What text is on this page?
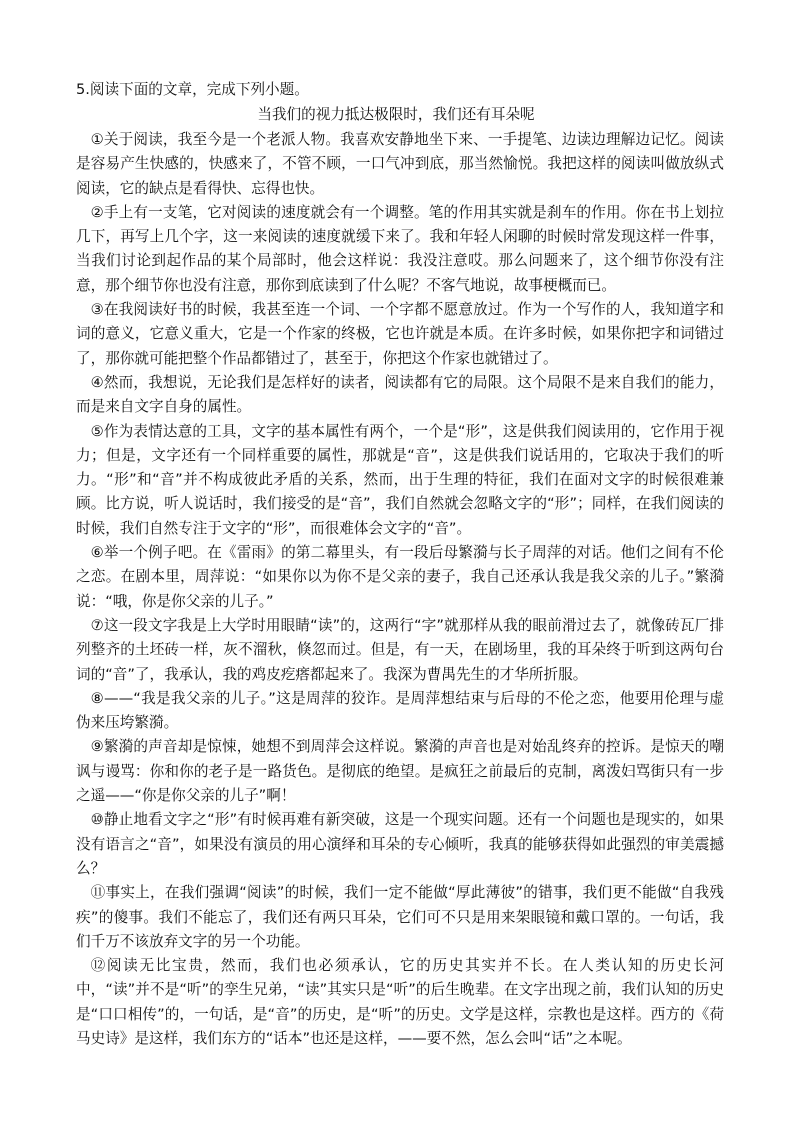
5.阅读下面的文章，完成下列小题。
当我们的视力抵达极限时，我们还有耳朵呢

①关于阅读，我至今是一个老派人物。我喜欢安静地坐下来、一手提笔、边读边理解边记忆。阅读是容易产生快感的，快感来了，不管不顾，一口气冲到底，那当然愉悦。我把这样的阅读叫做放纵式阅读，它的缺点是看得快、忘得也快。

②手上有一支笔，它对阅读的速度就会有一个调整。笔的作用其实就是刹车的作用。你在书上划拉几下，再写上几个字，这一来阅读的速度就缓下来了。我和年轻人闲聊的时候时常发现这样一件事，当我们讨论到起作品的某个局部时，他会这样说：我没注意哎。那么问题来了，这个细节你没有注意，那个细节你也没有注意，那你到底读到了什么呢？不客气地说，故事梗概而已。

③在我阅读好书的时候，我甚至连一个词、一个字都不愿意放过。作为一个写作的人，我知道字和词的意义，它意义重大，它是一个作家的终极，它也许就是本质。在许多时候，如果你把字和词错过了，那你就可能把整个作品都错过了，甚至于，你把这个作家也就错过了。

④然而，我想说，无论我们是怎样好的读者，阅读都有它的局限。这个局限不是来自我们的能力，而是来自文字自身的属性。

⑤作为表情达意的工具，文字的基本属性有两个，一个是“形”，这是供我们阅读用的，它作用于视力；但是，文字还有一个同样重要的属性，那就是“音”，这是供我们说话用的，它取决于我们的听力。“形”和“音”并不构成彼此矛盾的关系，然而，出于生理的特征，我们在面对文字的时候很难兼顾。比方说，听人说话时，我们接受的是“音”，我们自然就会忽略文字的“形”；同样，在我们阅读的时候，我们自然专注于文字的“形”，而很难体会文字的“音”。

⑥举一个例子吧。在《雷雨》的第二幕里头，有一段后母繁漪与长子周萍的对话。他们之间有不伦之恋。在剧本里，周萍说：“如果你以为你不是父亲的妻子，我自己还承认我是我父亲的儿子。”繁漪说：“哦，你是你父亲的儿子。”

⑦这一段文字我是上大学时用眼睛“读”的，这两行“字”就那样从我的眼前滑过去了，就像砖瓦厂排列整齐的土坯砖一样，灰不溜秋，倏忽而过。但是，有一天，在剧场里，我的耳朵终于听到这两句台词的“音”了，我承认，我的鸡皮疙瘩都起来了。我深为曹禺先生的才华所折服。

⑧——“我是我父亲的儿子。”这是周萍的狡诈。是周萍想结束与后母的不伦之恋，他要用伦理与虚伪来压垮繁漪。

⑨繁漪的声音却是惊悚，她想不到周萍会这样说。繁漪的声音也是对始乱终弃的控诉。是惊天的嘲讽与谩骂：你和你的老子是一路货色。是彻底的绝望。是疯狂之前最后的克制，离泼妇骂街只有一步之遥——“你是你父亲的儿子”啊！

⑩静止地看文字之“形”有时候再难有新突破，这是一个现实问题。还有一个问题也是现实的，如果没有语言之“音”，如果没有演员的用心演绎和耳朵的专心倾听，我真的能够获得如此强烈的审美震撼么？

⑪事实上，在我们强调“阅读”的时候，我们一定不能做“厚此薄彼”的错事，我们更不能做“自我残疾”的傻事。我们不能忘了，我们还有两只耳朵，它们可不只是用来架眼镜和戴口罩的。一句话，我们千万不该放弃文字的另一个功能。

⑫阅读无比宝贵，然而，我们也必须承认，它的历史其实并不长。在人类认知的历史长河中，“读”并不是“听”的孪生兄弟，“读”其实只是“听”的后生晚辈。在文字出现之前，我们认知的历史是“口口相传”的，一句话，是“音”的历史，是“听”的历史。文学是这样，宗教也是这样。西方的《荷马史诗》是这样，我们东方的“话本”也还是这样，——要不然，怎么会叫“话”之本呢。
